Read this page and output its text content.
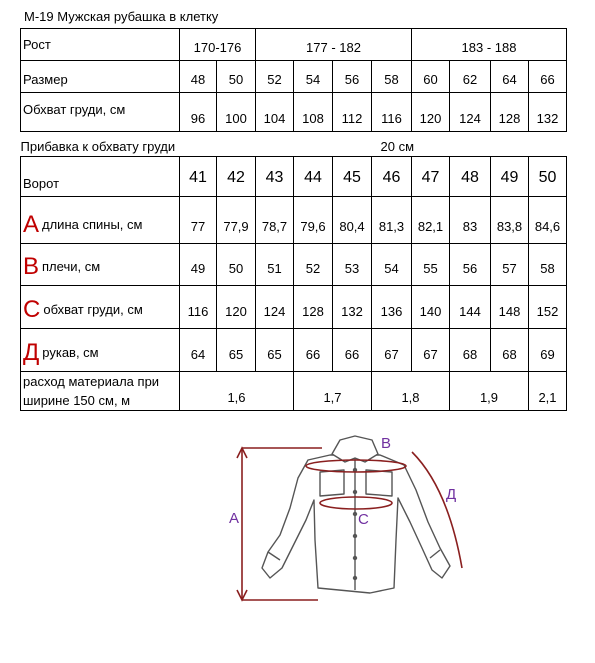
М-19 Мужская рубашка в клетку
Рост	170-176		177 - 182				183 - 188			
Размер	48	50	52	54	56	58	60	62	64	66
Обхват груди, см	96	100	104	108	112	116	120	124	128	132

Прибавка к обхвату груди 20 см										

Ворот	41	42	43	44	45	46	47	48	49	50
А длина спины, см	77	77,9	78,7	79,6	80,4	81,3	82,1	83	83,8	84,6
В плечи, см	49	50	51	52	53	54	55	56	57	58
С обхват груди, см	116	120	124	128	132	136	140	144	148	152
Д рукав, см	64	65	65	66	66	67	67	68	68	69

расход материала при
ширине 150 см, м	1,6			1,7		1,8		1,9		2,1
А
В
С
Д
